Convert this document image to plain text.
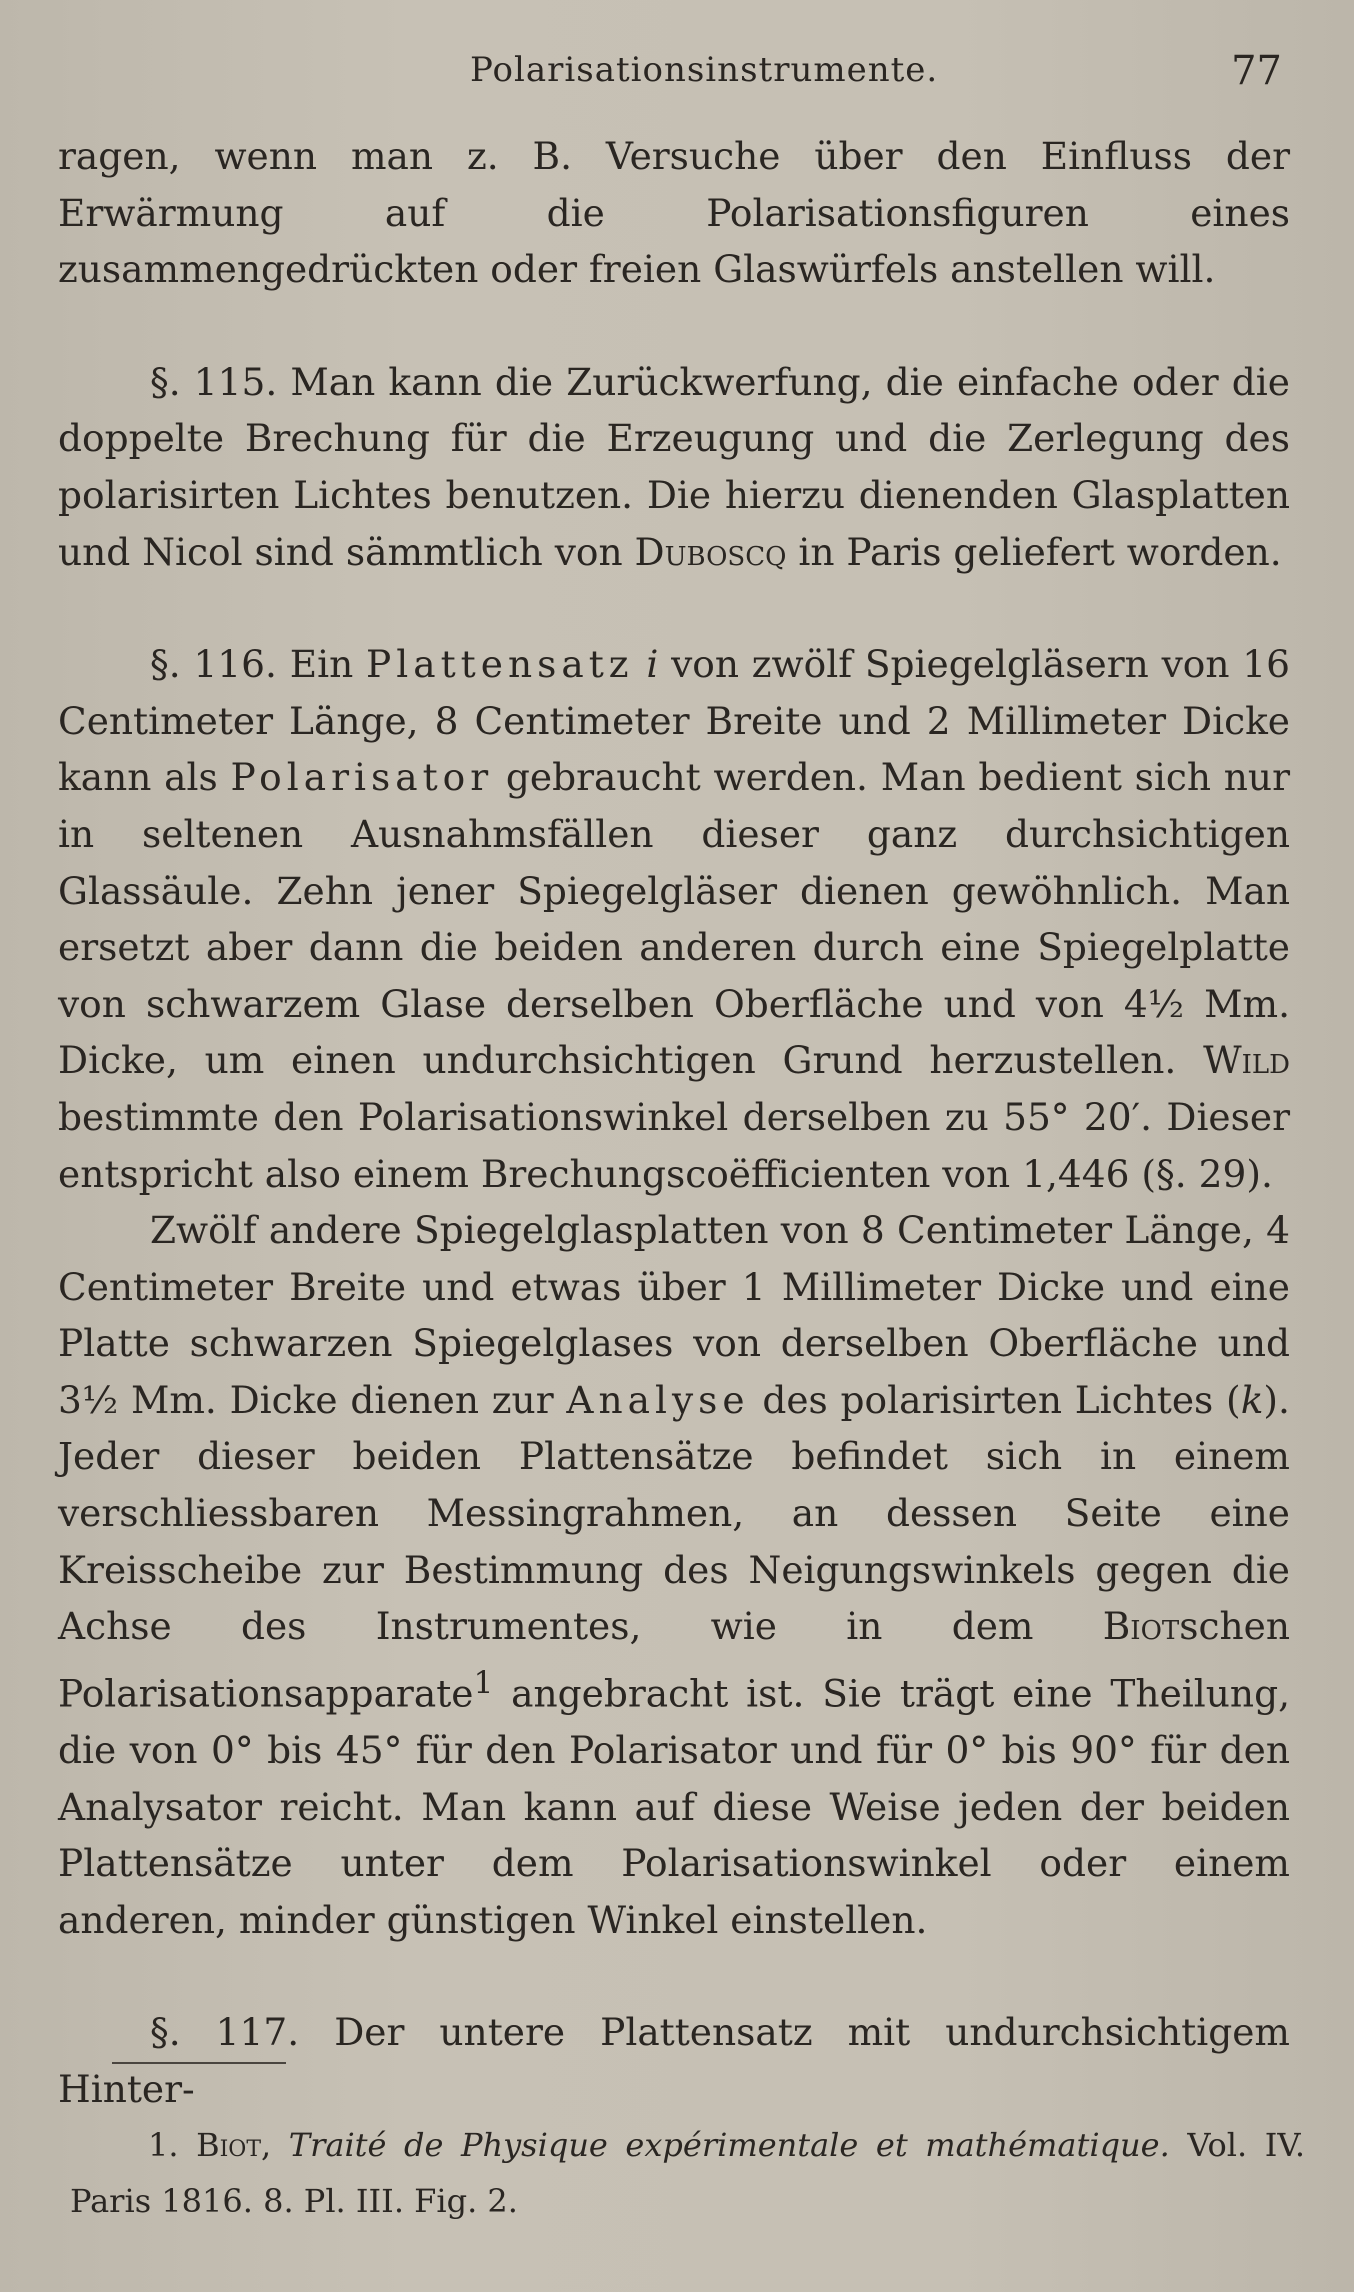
Polarisationsinstrumente.	77

ragen, wenn man z. B. Versuche über den Einfluss der Erwärmung auf die Polarisationsfiguren eines zusammengedrückten oder freien Glaswürfels anstellen will.

§. 115. Man kann die Zurückwerfung, die einfache oder die doppelte Brechung für die Erzeugung und die Zerlegung des polarisirten Lichtes benutzen. Die hierzu dienenden Glasplatten und Nicol sind sämmtlich von Duboscq in Paris geliefert worden.

§. 116. Ein Plattensatz i von zwölf Spiegelgläsern von 16 Centimeter Länge, 8 Centimeter Breite und 2 Millimeter Dicke kann als Polarisator gebraucht werden. Man bedient sich nur in seltenen Ausnahmsfällen dieser ganz durchsichtigen Glassäule. Zehn jener Spiegelgläser dienen gewöhnlich. Man ersetzt aber dann die beiden anderen durch eine Spiegelplatte von schwarzem Glase derselben Oberfläche und von 4½ Mm. Dicke, um einen undurchsichtigen Grund herzustellen. Wild bestimmte den Polarisationswinkel derselben zu 55° 20′. Dieser entspricht also einem Brechungscoëfficienten von 1,446 (§. 29).

Zwölf andere Spiegelglasplatten von 8 Centimeter Länge, 4 Centimeter Breite und etwas über 1 Millimeter Dicke und eine Platte schwarzen Spiegelglases von derselben Oberfläche und 3½ Mm. Dicke dienen zur Analyse des polarisirten Lichtes (k). Jeder dieser beiden Plattensätze befindet sich in einem verschliessbaren Messingrahmen, an dessen Seite eine Kreisscheibe zur Bestimmung des Neigungswinkels gegen die Achse des Instrumentes, wie in dem Biotschen Polarisationsapparate$^1$ angebracht ist. Sie trägt eine Theilung, die von 0° bis 45° für den Polarisator und für 0° bis 90° für den Analysator reicht. Man kann auf diese Weise jeden der beiden Plattensätze unter dem Polarisationswinkel oder einem anderen, minder günstigen Winkel einstellen.

§. 117. Der untere Plattensatz mit undurchsichtigem Hinter-

1. Biot, Traité de Physique expérimentale et mathématique. Vol. IV. Paris 1816. 8. Pl. III. Fig. 2.
